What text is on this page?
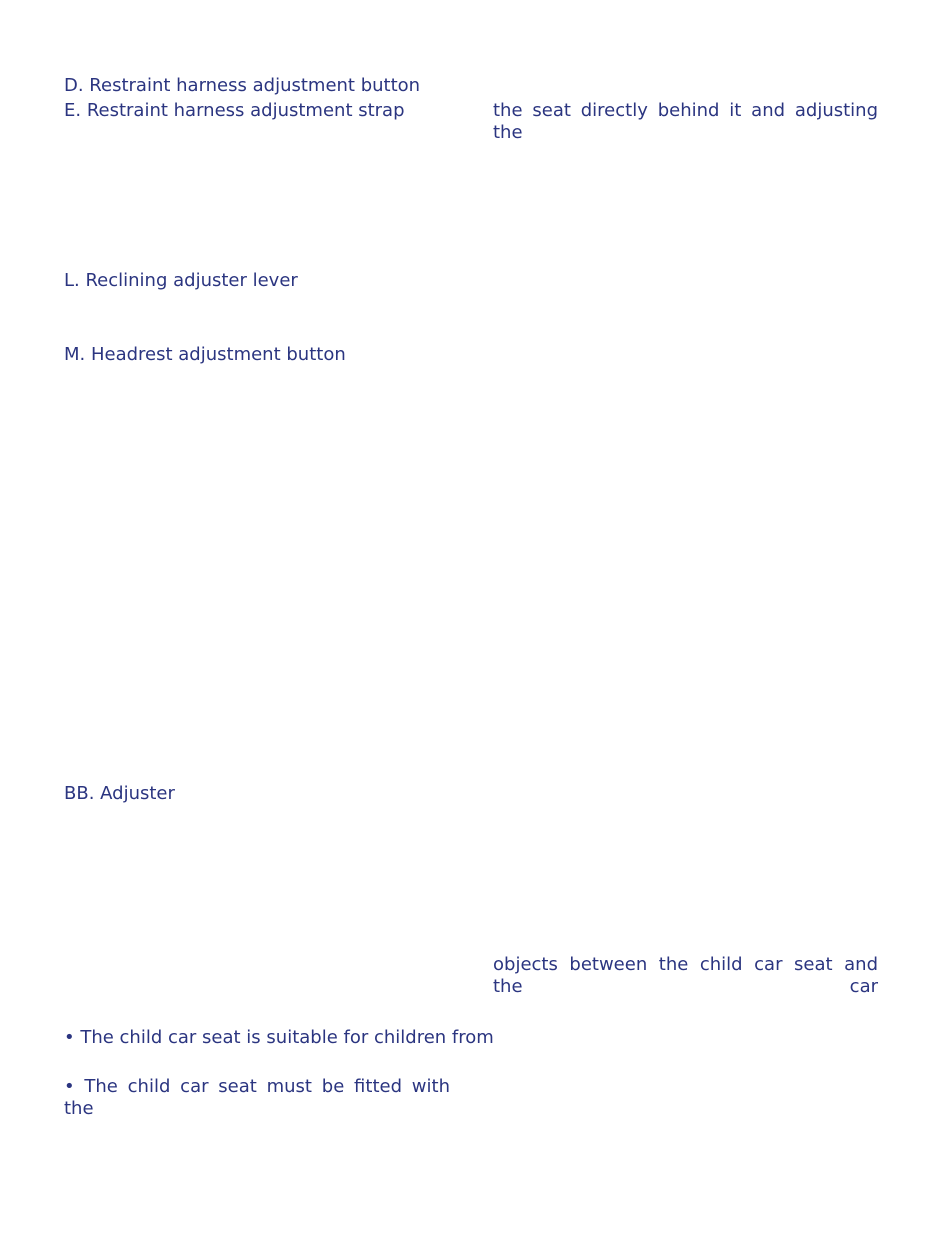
D. Restraint harness adjustment button
E. Restraint harness adjustment strap	the seat directly behind it and adjusting the
L. Reclining adjuster lever
M. Headrest adjustment button
BB. Adjuster
objects between the child car seat and the car
• The child car seat is suitable for children from
• The child car seat must be fitted with the
